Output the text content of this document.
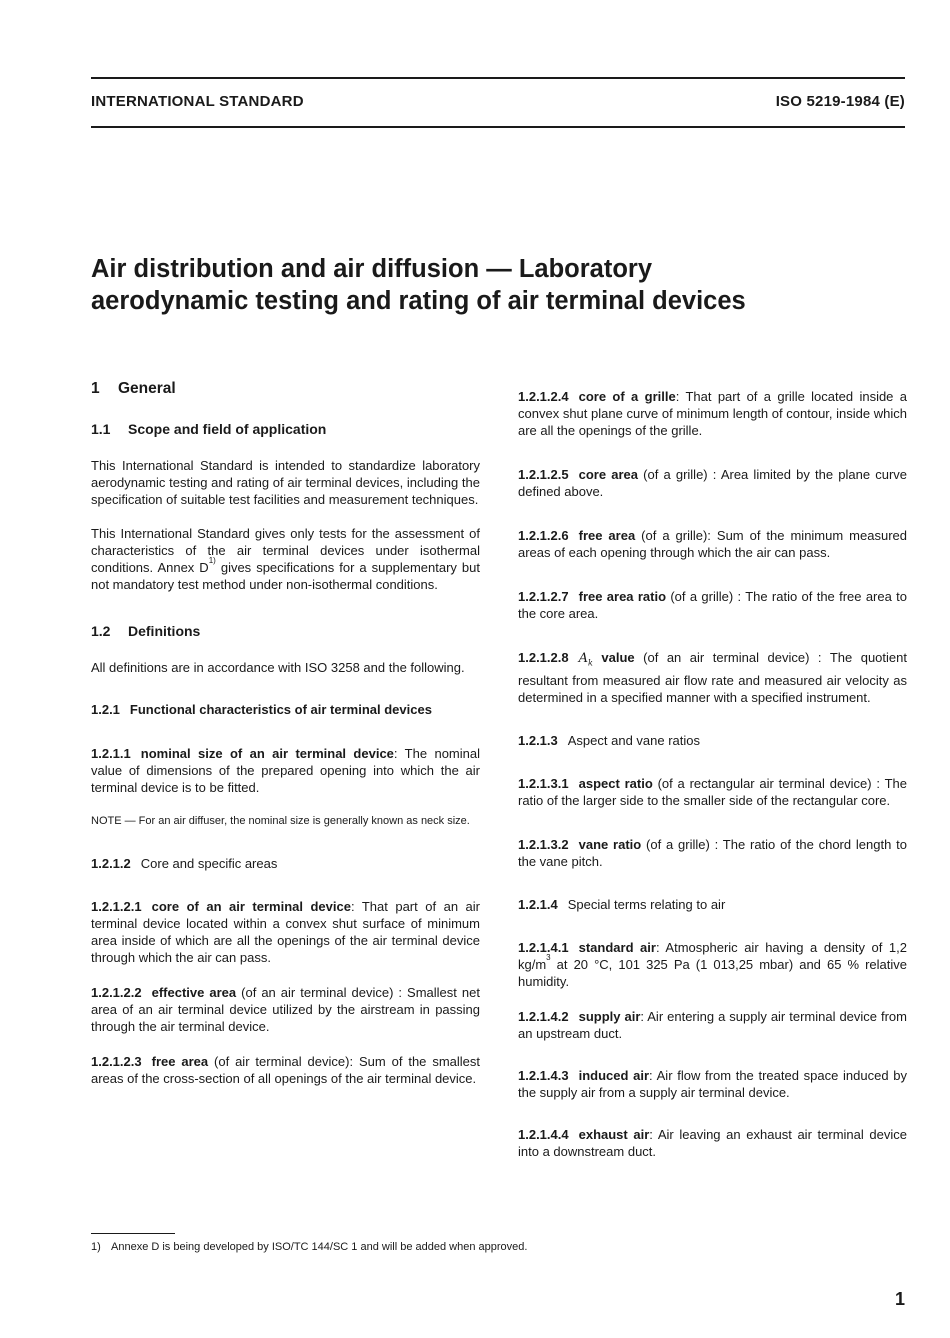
INTERNATIONAL STANDARD	ISO 5219-1984 (E)
Air distribution and air diffusion — Laboratory
aerodynamic testing and rating of air terminal devices
1 General
1.1 Scope and field of application

This International Standard is intended to standardize laboratory aerodynamic testing and rating of air terminal devices, including the specification of suitable test facilities and measurement techniques.

This International Standard gives only tests for the assessment of characteristics of the air terminal devices under isothermal conditions. Annex $D^{1)}$ gives specifications for a supplementary but not mandatory test method under non-isothermal conditions.

1.2 Definitions

All definitions are in accordance with ISO 3258 and the following.

1.2.1 Functional characteristics of air terminal devices

1.2.1.1 nominal size of an air terminal device: The nominal value of dimensions of the prepared opening into which the air terminal device is to be fitted.

NOTE — For an air diffuser, the nominal size is generally known as neck size.

1.2.1.2 Core and specific areas

1.2.1.2.1 core of an air terminal device: That part of an air terminal device located within a convex shut surface of minimum area inside of which are all the openings of the air terminal device through which the air can pass.

1.2.1.2.2 effective area (of an air terminal device) : Smallest net area of an air terminal device utilized by the airstream in passing through the air terminal device.

1.2.1.2.3 free area (of air terminal device): Sum of the smallest areas of the cross-section of all openings of the air terminal device.

1.2.1.2.4 core of a grille: That part of a grille located inside a convex shut plane curve of minimum length of contour, inside which are all the openings of the grille.

1.2.1.2.5 core area (of a grille) : Area limited by the plane curve defined above.

1.2.1.2.6 free area (of a grille): Sum of the minimum measured areas of each opening through which the air can pass.

1.2.1.2.7 free area ratio (of a grille) : The ratio of the free area to the core area.

1.2.1.2.8 $A_k$ value (of an air terminal device) : The quotient resultant from measured air flow rate and measured air velocity as determined in a specified manner with a specified instrument.

1.2.1.3 Aspect and vane ratios

1.2.1.3.1 aspect ratio (of a rectangular air terminal device) : The ratio of the larger side to the smaller side of the rectangular core.

1.2.1.3.2 vane ratio (of a grille) : The ratio of the chord length to the vane pitch.

1.2.1.4 Special terms relating to air

1.2.1.4.1 standard air: Atmospheric air having a density of 1,2 $kg/m^3$ at 20 °C, 101 325 Pa (1 013,25 mbar) and 65 % relative humidity.

1.2.1.4.2 supply air: Air entering a supply air terminal device from an upstream duct.

1.2.1.4.3 induced air: Air flow from the treated space induced by the supply air from a supply air terminal device.

1.2.1.4.4 exhaust air: Air leaving an exhaust air terminal device into a downstream duct.

1) Annexe D is being developed by ISO/TC 144/SC 1 and will be added when approved.
1
